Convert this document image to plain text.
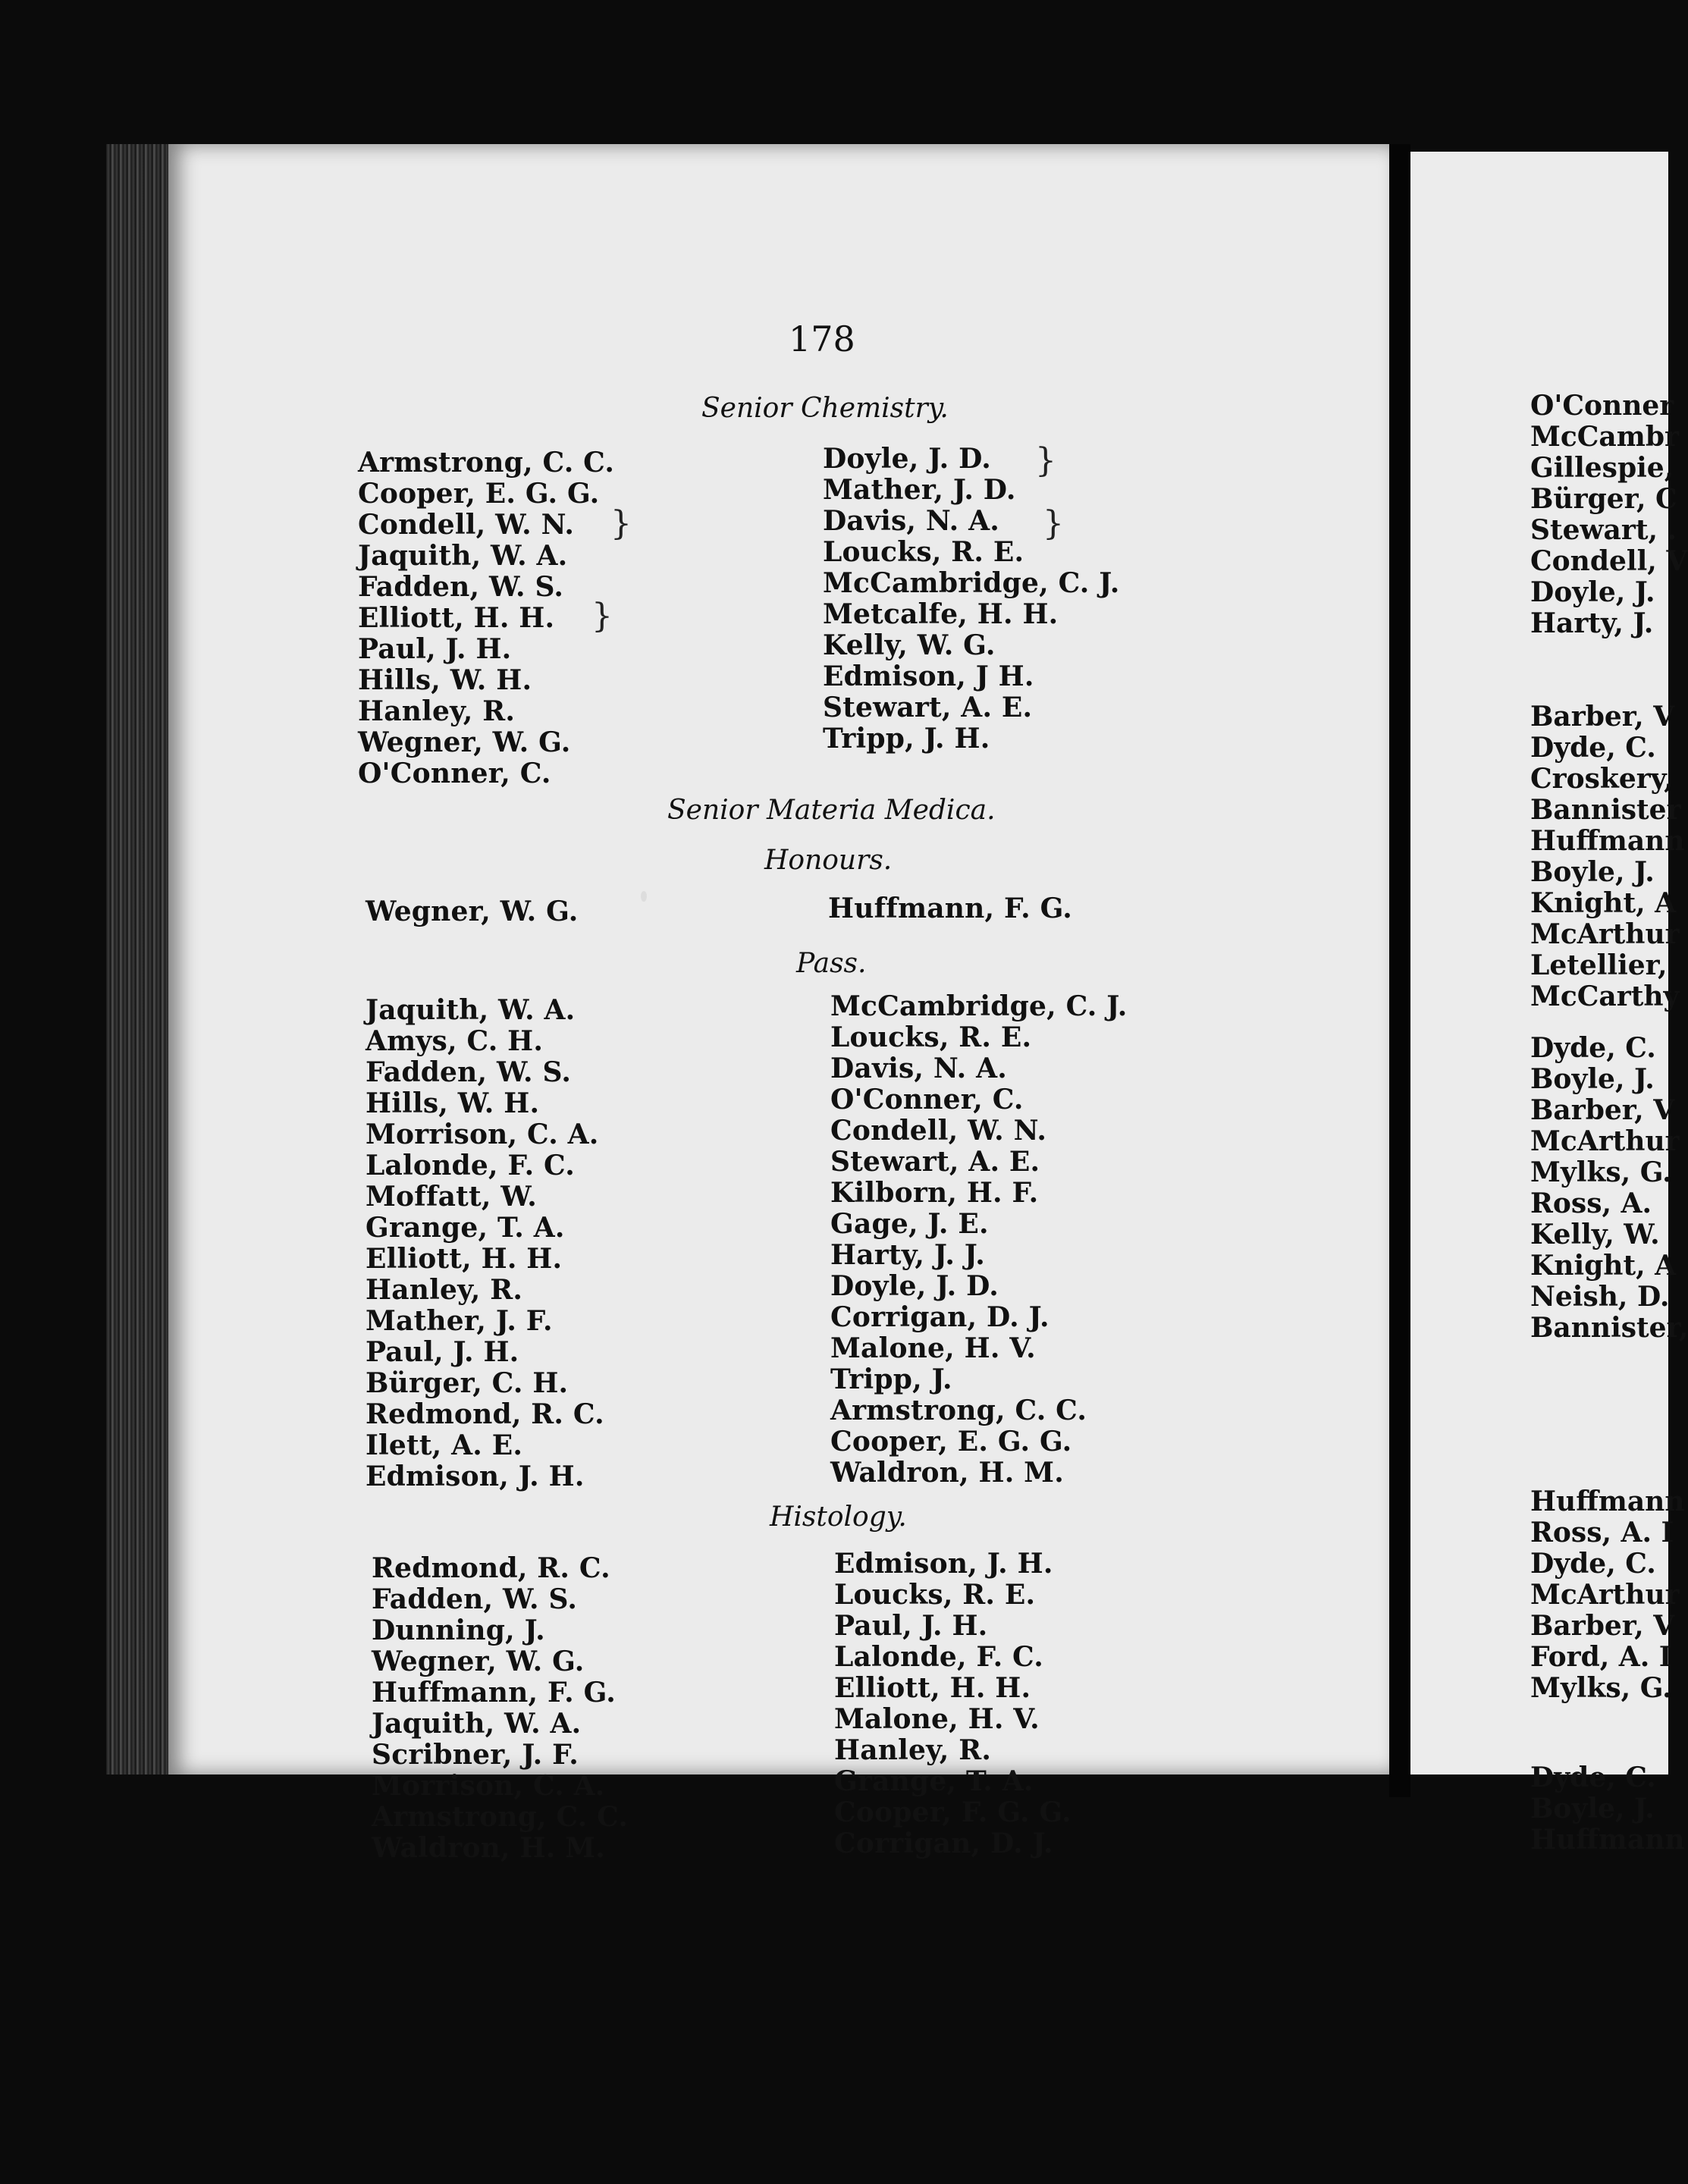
O'Conner
McCambr
Gillespie,
Bürger, C
Stewart, .
Condell, V
Doyle, J.
Harty, J.
Barber, V
Dyde, C.
Croskery,
Bannister
Huffmann
Boyle, J.
Knight, A
McArthur
Letellier,
McCarthy
Dyde, C.
Boyle, J.
Barber, V
McArthur
Mylks, G.
Ross, A.
Kelly, W.
Knight, A
Neish, D.
Bannister,
Huffmann
Ross, A. I
Dyde, C.
McArthur
Barber, V
Ford, A. I
Mylks, G.
Dyde, C.
Boyle, J.
Huffmann
178
Senior Chemistry.
Armstrong, C. C.
Cooper, E. G. G.
Condell, W. N.
Jaquith, W. A.
Fadden, W. S.
Elliott, H. H.
Paul, J. H.
Hills, W. H.
Hanley, R.
Wegner, W. G.
O'Conner, C.
Doyle, J. D.
Mather, J. D.
Davis, N. A.
Loucks, R. E.
McCambridge, C. J.
Metcalfe, H. H.
Kelly, W. G.
Edmison, J H.
Stewart, A. E.
Tripp, J. H.
}
}
}
}
Senior Materia Medica.
Honours.
Wegner, W. G.	Huffmann, F. G.
Pass.
Jaquith, W. A.
Amys, C. H.
Fadden, W. S.
Hills, W. H.
Morrison, C. A.
Lalonde, F. C.
Moffatt, W.
Grange, T. A.
Elliott, H. H.
Hanley, R.
Mather, J. F.
Paul, J. H.
Bürger, C. H.
Redmond, R. C.
Ilett, A. E.
Edmison, J. H.
McCambridge, C. J.
Loucks, R. E.
Davis, N. A.
O'Conner, C.
Condell, W. N.
Stewart, A. E.
Kilborn, H. F.
Gage, J. E.
Harty, J. J.
Doyle, J. D.
Corrigan, D. J.
Malone, H. V.
Tripp, J.
Armstrong, C. C.
Cooper, E. G. G.
Waldron, H. M.
Histology.
Redmond, R. C.
Fadden, W. S.
Dunning, J.
Wegner, W. G.
Huffmann, F. G.
Jaquith, W. A.
Scribner, J. F.
Morrison, C. A.
Armstrong, C. C.
Waldron, H. M.
Edmison, J. H.
Loucks, R. E.
Paul, J. H.
Lalonde, F. C.
Elliott, H. H.
Malone, H. V.
Hanley, R.
Grange, T. A.
Cooper, F. G. G.
Corrigan, D. J.
